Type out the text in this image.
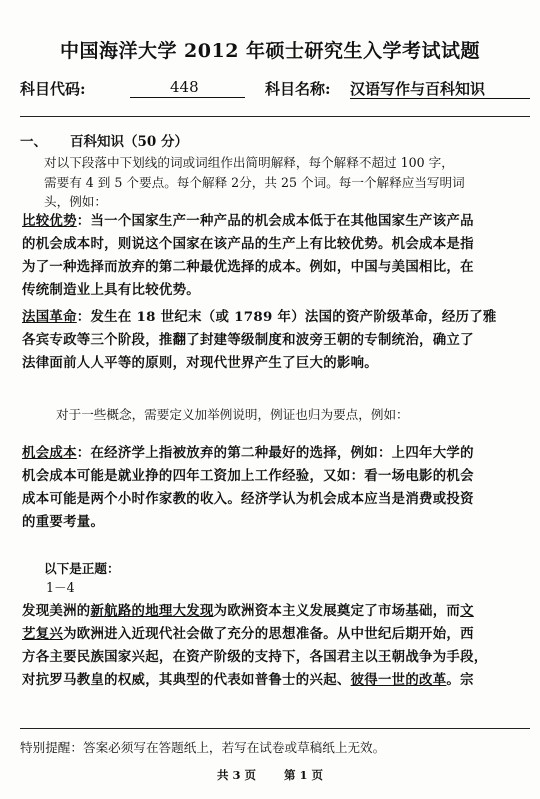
中国海洋大学 2012 年硕士研究生入学考试试题
科目代码:	448	科目名称: 汉语写作与百科知识
一、 百科知识（50 分）
对以下段落中下划线的词或词组作出简明解释，每个解释不超过 100 字，
需要有 4 到 5 个要点。每个解释 2分，共 25 个词。每一个解释应当写明词
头，例如：
比较优势：当一个国家生产一种产品的机会成本低于在其他国家生产该产品
的机会成本时，则说这个国家在该产品的生产上有比较优势。机会成本是指
为了一种选择而放弃的第二种最优选择的成本。例如，中国与美国相比，在
传统制造业上具有比较优势。
法国革命：发生在 18 世纪末（或 1789 年）法国的资产阶级革命，经历了雅
各宾专政等三个阶段，推翻了封建等级制度和波旁王朝的专制统治，确立了
法律面前人人平等的原则，对现代世界产生了巨大的影响。
对于一些概念，需要定义加举例说明，例证也归为要点，例如：
机会成本：在经济学上指被放弃的第二种最好的选择，例如：上四年大学的
机会成本可能是就业挣的四年工资加上工作经验，又如：看一场电影的机会
成本可能是两个小时作家教的收入。经济学认为机会成本应当是消费或投资
的重要考量。
以下是正题：
1－4
发现美洲的新航路的地理大发现为欧洲资本主义发展奠定了市场基础，而文
艺复兴为欧洲进入近现代社会做了充分的思想准备。从中世纪后期开始，西
方各主要民族国家兴起，在资产阶级的支持下，各国君主以王朝战争为手段，
对抗罗马教皇的权威，其典型的代表如普鲁士的兴起、彼得一世的改革。宗
特别提醒：答案必须写在答题纸上，若写在试卷或草稿纸上无效。
共 3 页 第 1 页
